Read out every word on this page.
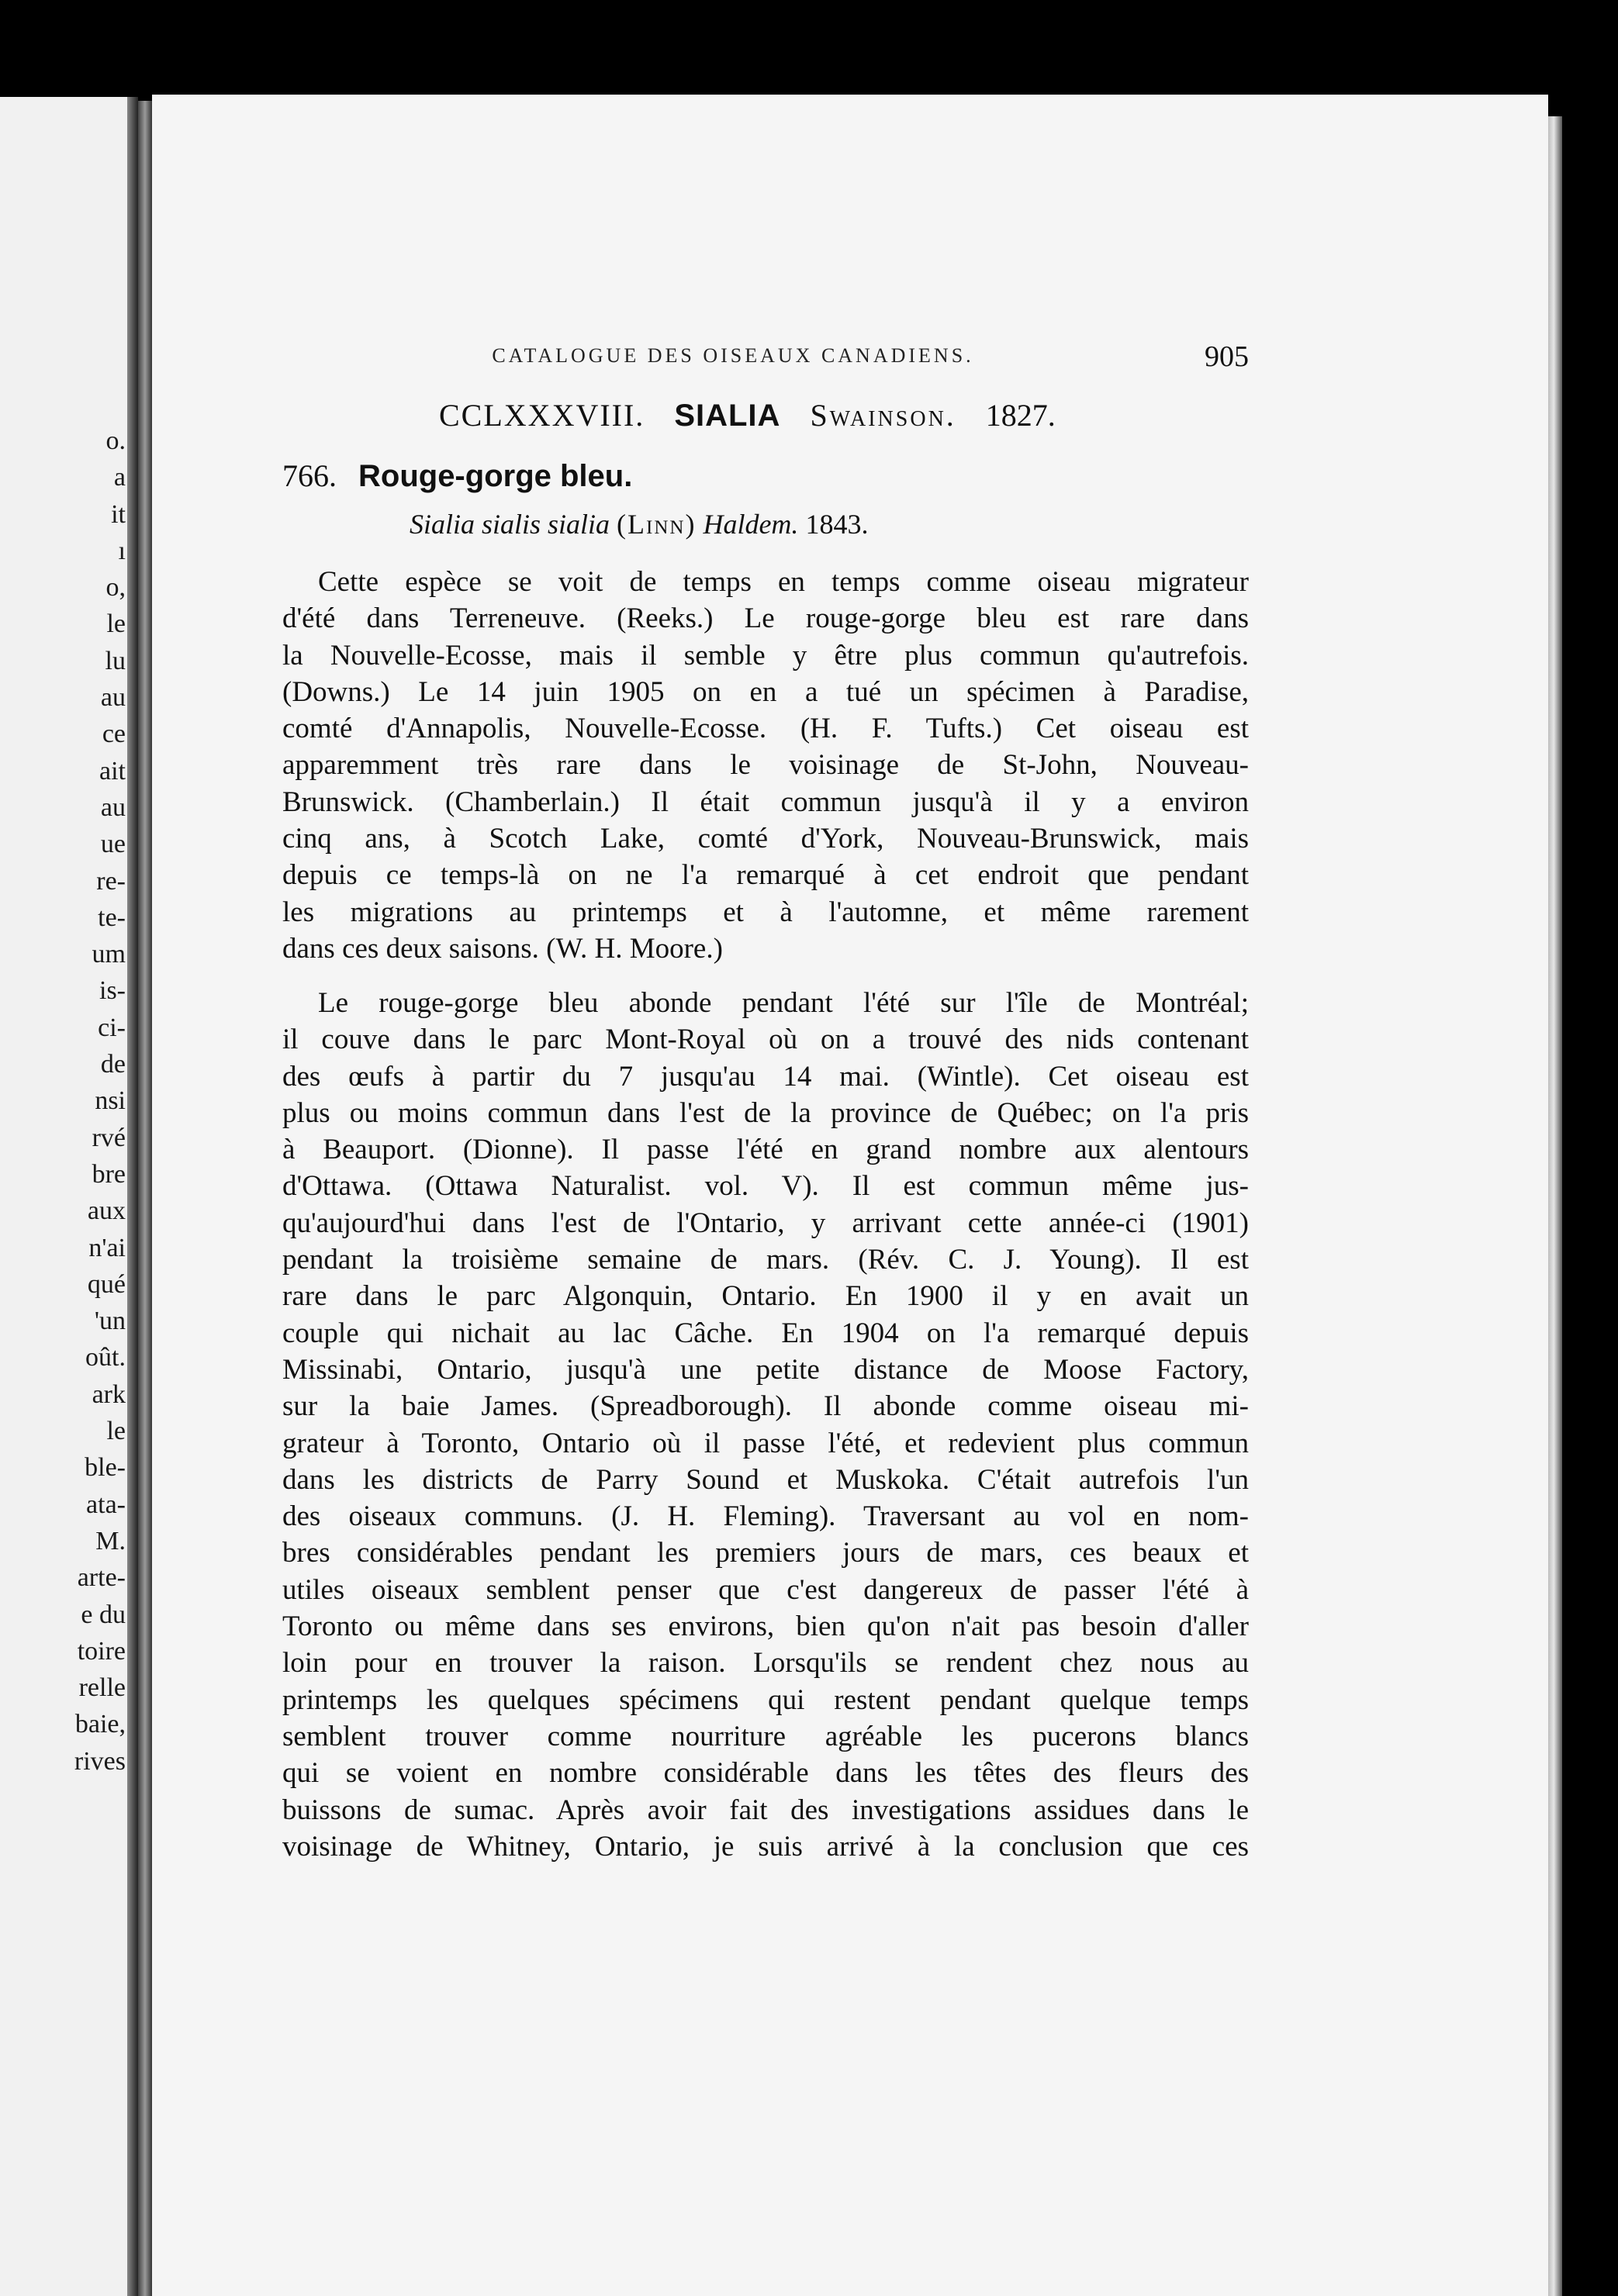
o.
a
it
ı
o,
le
lu
au
ce
ait
au
ue
re-
te-
um
is-
ci-
de
nsi
rvé
bre
aux
n'ai
qué
'un
oût.
ark
le
ble-
ata-
M.
arte-
e du
toire
relle
baie,
rives
CATALOGUE DES OISEAUX CANADIENS.	905
CCLXXXVIII. SIALIA Swainson. 1827.
766. Rouge-gorge bleu.
Sialia sialis sialia (Linn) Haldem. 1843.
Cette espèce se voit de temps en temps comme oiseau migrateur
d'été dans Terreneuve. (Reeks.) Le rouge-gorge bleu est rare dans
la Nouvelle-Ecosse, mais il semble y être plus commun qu'autrefois.
(Downs.) Le 14 juin 1905 on en a tué un spécimen à Paradise,
comté d'Annapolis, Nouvelle-Ecosse. (H. F. Tufts.) Cet oiseau est
apparemment très rare dans le voisinage de St-John, Nouveau-
Brunswick. (Chamberlain.) Il était commun jusqu'à il y a environ
cinq ans, à Scotch Lake, comté d'York, Nouveau-Brunswick, mais
depuis ce temps-là on ne l'a remarqué à cet endroit que pendant
les migrations au printemps et à l'automne, et même rarement
dans ces deux saisons. (W. H. Moore.)
Le rouge-gorge bleu abonde pendant l'été sur l'île de Montréal;
il couve dans le parc Mont-Royal où on a trouvé des nids contenant
des œufs à partir du 7 jusqu'au 14 mai. (Wintle). Cet oiseau est
plus ou moins commun dans l'est de la province de Québec; on l'a pris
à Beauport. (Dionne). Il passe l'été en grand nombre aux alentours
d'Ottawa. (Ottawa Naturalist. vol. V). Il est commun même jus-
qu'aujourd'hui dans l'est de l'Ontario, y arrivant cette année-ci (1901)
pendant la troisième semaine de mars. (Rév. C. J. Young). Il est
rare dans le parc Algonquin, Ontario. En 1900 il y en avait un
couple qui nichait au lac Câche. En 1904 on l'a remarqué depuis
Missinabi, Ontario, jusqu'à une petite distance de Moose Factory,
sur la baie James. (Spreadborough). Il abonde comme oiseau mi-
grateur à Toronto, Ontario où il passe l'été, et redevient plus commun
dans les districts de Parry Sound et Muskoka. C'était autrefois l'un
des oiseaux communs. (J. H. Fleming). Traversant au vol en nom-
bres considérables pendant les premiers jours de mars, ces beaux et
utiles oiseaux semblent penser que c'est dangereux de passer l'été à
Toronto ou même dans ses environs, bien qu'on n'ait pas besoin d'aller
loin pour en trouver la raison. Lorsqu'ils se rendent chez nous au
printemps les quelques spécimens qui restent pendant quelque temps
semblent trouver comme nourriture agréable les pucerons blancs
qui se voient en nombre considérable dans les têtes des fleurs des
buissons de sumac. Après avoir fait des investigations assidues dans le
voisinage de Whitney, Ontario, je suis arrivé à la conclusion que ces
